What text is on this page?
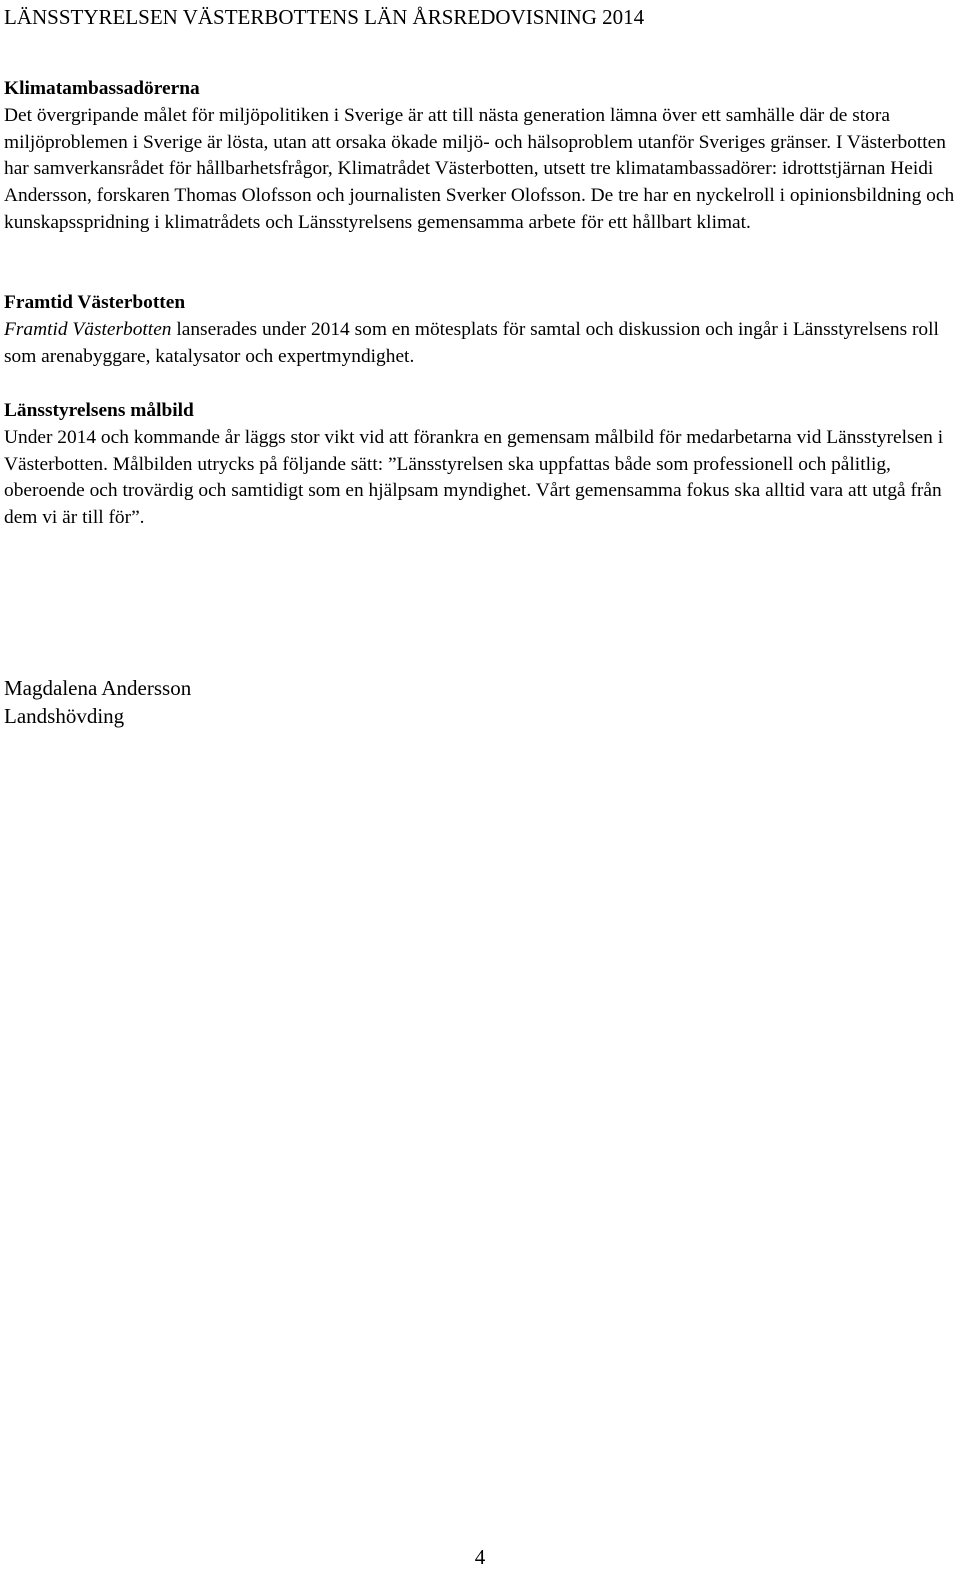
LÄNSSTYRELSEN VÄSTERBOTTENS LÄN ÅRSREDOVISNING 2014

Klimatambassadörerna

Det övergripande målet för miljöpolitiken i Sverige är att till nästa generation lämna över ett samhälle där de stora miljöproblemen i Sverige är lösta, utan att orsaka ökade miljö- och hälsoproblem utanför Sveriges gränser. I Västerbotten har samverkansrådet för hållbarhetsfrågor, Klimatrådet Västerbotten, utsett tre klimatambassadörer: idrottstjärnan Heidi Andersson, forskaren Thomas Olofsson och journalisten Sverker Olofsson. De tre har en nyckelroll i opinionsbildning och kunskapsspridning i klimatrådets och Länsstyrelsens gemensamma arbete för ett hållbart klimat.

Framtid Västerbotten

Framtid Västerbotten lanserades under 2014 som en mötesplats för samtal och diskussion och ingår i Länsstyrelsens roll som arenabyggare, katalysator och expertmyndighet.

Länsstyrelsens målbild

Under 2014 och kommande år läggs stor vikt vid att förankra en gemensam målbild för medarbetarna vid Länsstyrelsen i Västerbotten. Målbilden utrycks på följande sätt: ”Länsstyrelsen ska uppfattas både som professionell och pålitlig, oberoende och trovärdig och samtidigt som en hjälpsam myndighet. Vårt gemensamma fokus ska alltid vara att utgå från dem vi är till för”.

Magdalena Andersson
Landshövding
4
